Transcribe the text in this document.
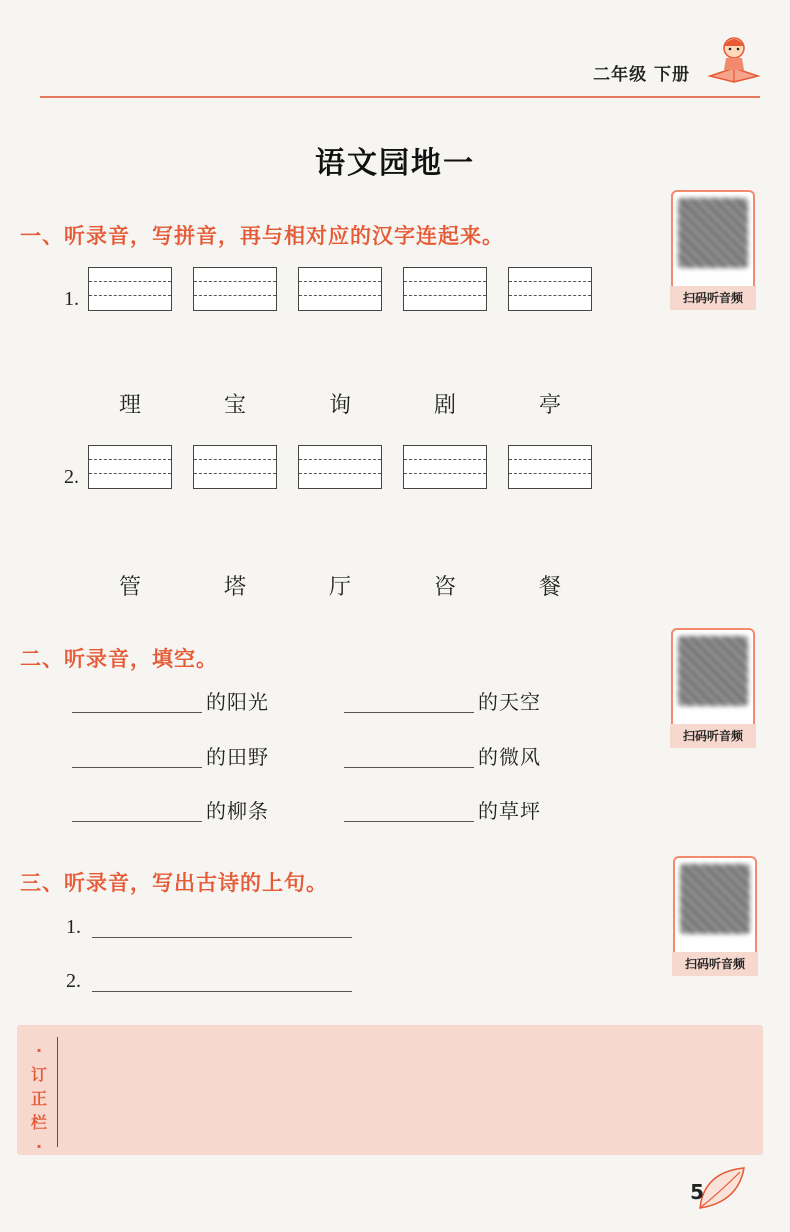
二年级 下册
语文园地一
一、听录音，写拼音，再与相对应的汉字连起来。
扫码听音频
1.
理	宝	询	剧	亭
2.
管	塔	厅	咨	餐
二、听录音，填空。
扫码听音频
的阳光	的天空
的田野	的微风
的柳条	的草坪
三、听录音，写出古诗的上句。
扫码听音频
1.
2.
·订正栏·
5
